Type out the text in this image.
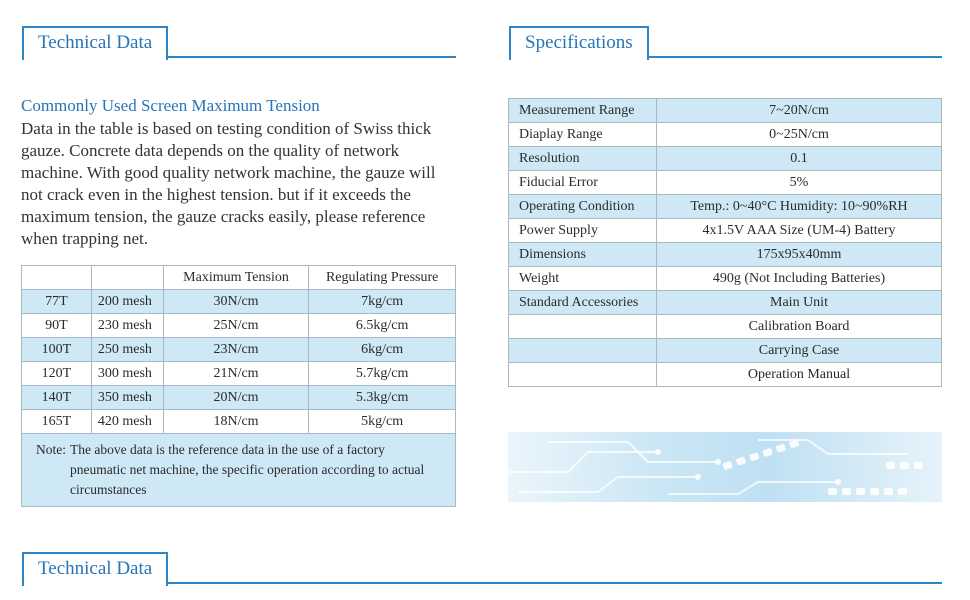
Technical Data	Specifications
Technical Data
Commonly Used Screen Maximum Tension
Data in the table is based on testing condition of Swiss thick gauze. Concrete data depends on the quality of network machine. With good quality network machine, the gauze will not crack even in the highest tension. but if it exceeds the maximum tension, the gauze cracks easily, please reference when trapping net.
		Maximum Tension	Regulating Pressure
77T	200 mesh	30N/cm	7kg/cm
90T	230 mesh	25N/cm	6.5kg/cm
100T	250 mesh	23N/cm	6kg/cm
120T	300 mesh	21N/cm	5.7kg/cm
140T	350 mesh	20N/cm	5.3kg/cm
165T	420 mesh	18N/cm	5kg/cm

Note: The above data is the reference data in the use of a factory pneumatic net machine, the specific operation according to actual circumstances			
Measurement Range	7~20N/cm
Diaplay Range	0~25N/cm
Resolution	0.1
Fiducial Error	5%
Operating Condition	Temp.: 0~40°C Humidity: 10~90%RH
Power Supply	4x1.5V AAA Size (UM-4) Battery
Dimensions	175x95x40mm
Weight	490g (Not Including Batteries)
Standard Accessories	Main Unit
	Calibration Board
	Carrying Case
	Operation Manual
